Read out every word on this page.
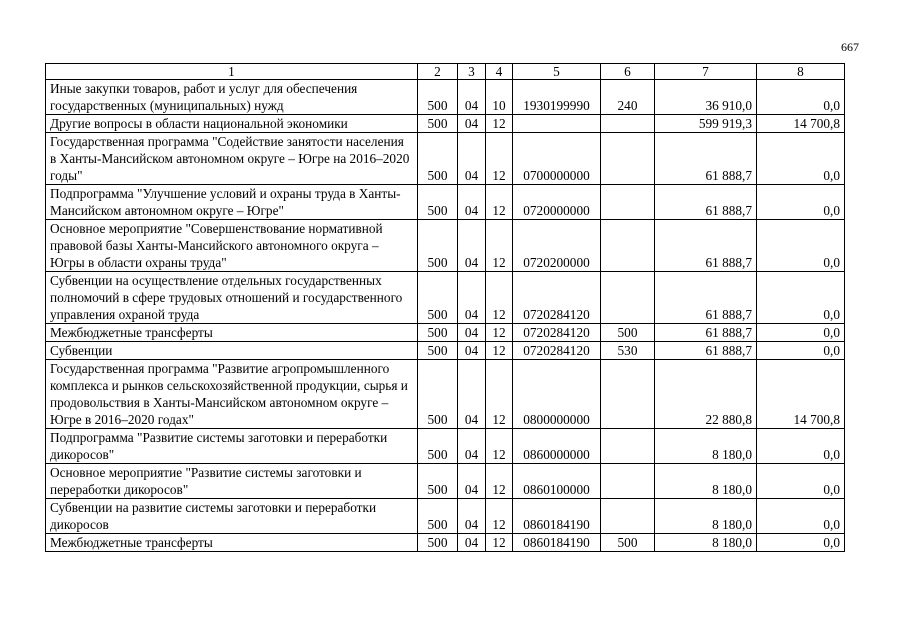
667
1	2	3	4	5	6	7	8
Иные закупки товаров, работ и услуг для обеспечения государственных (муниципальных) нужд	500	04	10	1930199990	240	36 910,0	0,0
Другие вопросы в области национальной экономики	500	04	12			599 919,3	14 700,8
Государственная программа "Содействие занятости населения в Ханты-Мансийском автономном округе – Югре на 2016–2020 годы"	500	04	12	0700000000		61 888,7	0,0
Подпрограмма "Улучшение условий и охраны труда в Ханты-Мансийском автономном округе – Югре"	500	04	12	0720000000		61 888,7	0,0
Основное мероприятие "Совершенствование нормативной правовой базы Ханты-Мансийского автономного округа – Югры в области охраны труда"	500	04	12	0720200000		61 888,7	0,0
Субвенции на осуществление отдельных государственных полномочий в сфере трудовых отношений и государственного управления охраной труда	500	04	12	0720284120		61 888,7	0,0
Межбюджетные трансферты	500	04	12	0720284120	500	61 888,7	0,0
Субвенции	500	04	12	0720284120	530	61 888,7	0,0
Государственная программа "Развитие агропромышленного комплекса и рынков сельскохозяйственной продукции, сырья и продовольствия в Ханты-Мансийском автономном округе – Югре в 2016–2020 годах"	500	04	12	0800000000		22 880,8	14 700,8
Подпрограмма "Развитие системы заготовки и переработки дикоросов"	500	04	12	0860000000		8 180,0	0,0
Основное мероприятие "Развитие системы заготовки и переработки дикоросов"	500	04	12	0860100000		8 180,0	0,0
Субвенции на развитие системы заготовки и переработки дикоросов	500	04	12	0860184190		8 180,0	0,0
Межбюджетные трансферты	500	04	12	0860184190	500	8 180,0	0,0
